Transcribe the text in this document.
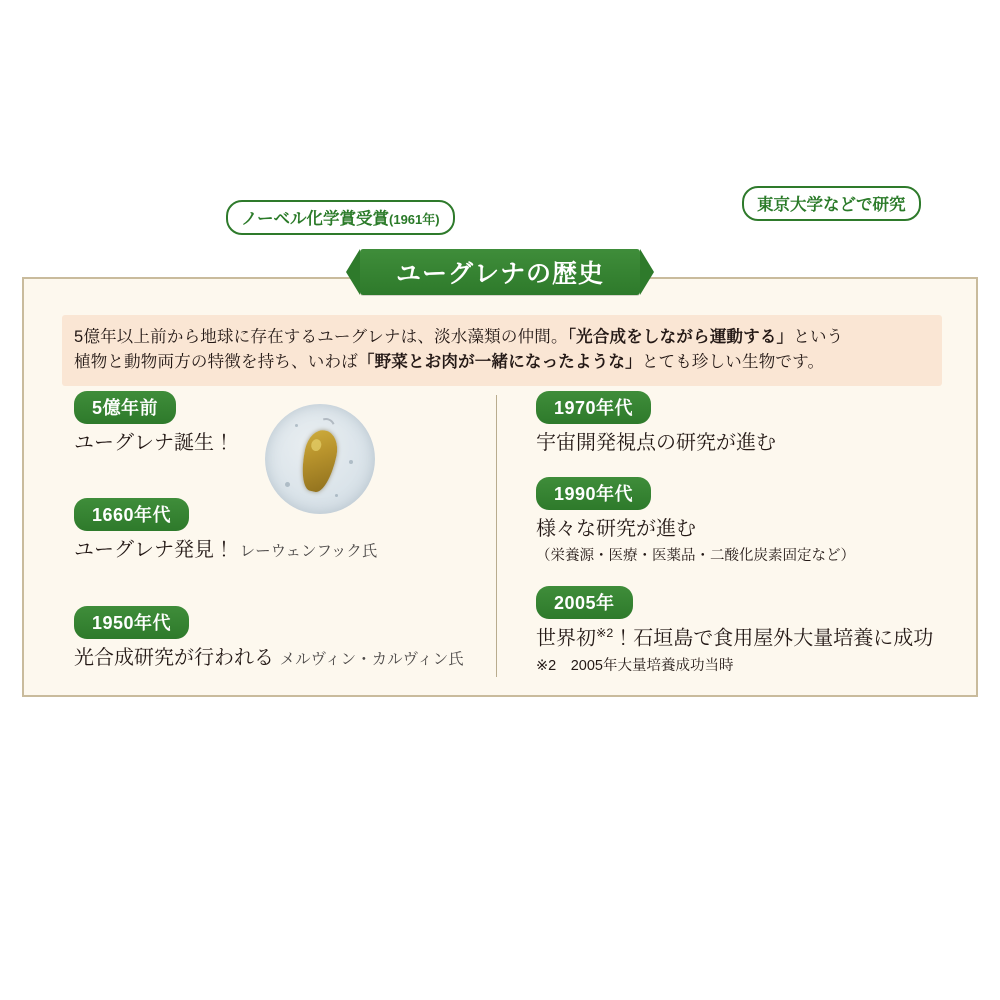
5億年以上前から地球に存在するユーグレナは、淡水藻類の仲間。「光合成をしながら運動する」という
植物と動物両方の特徴を持ち、いわば「野菜とお肉が一緒になったような」とても珍しい生物です。
5億年前
ユーグレナ誕生！
1660年代
ユーグレナ発見！ レーウェンフック氏
1950年代
光合成研究が行われる メルヴィン・カルヴィン氏
1970年代
宇宙開発視点の研究が進む
1990年代
様々な研究が進む
（栄養源・医療・医薬品・二酸化炭素固定など）
2005年
世界初$^{※2}$！石垣島で食用屋外大量培養に成功
※2　2005年大量培養成功当時
ユーグレナの歴史
ノーベル化学賞受賞(1961年)
東京大学などで研究
